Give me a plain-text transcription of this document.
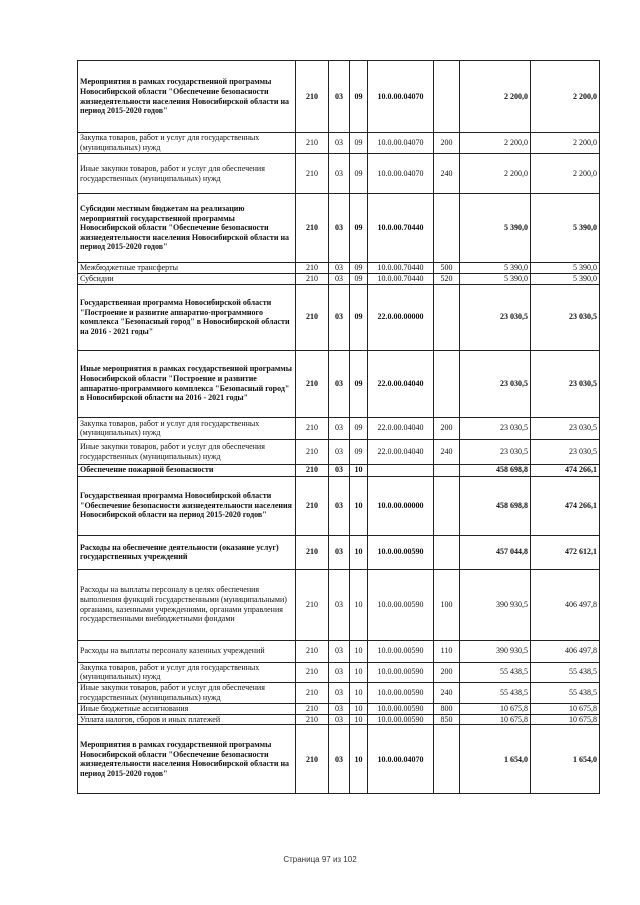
Мероприятия в рамках государственной программы Новосибирской области "Обеспечение безопасности жизнедеятельности населения Новосибирской области на период 2015-2020 годов"	210	03	09	10.0.00.04070		2 200,0	2 200,0
Закупка товаров, работ и услуг для государственных (муниципальных) нужд	210	03	09	10.0.00.04070	200	2 200,0	2 200,0
Иные закупки товаров, работ и услуг для обеспечения государственных (муниципальных) нужд	210	03	09	10.0.00.04070	240	2 200,0	2 200,0
Субсидии местным бюджетам на реализацию мероприятий государственной программы Новосибирской области "Обеспечение безопасности жизнедеятельности населения Новосибирской области на период 2015-2020 годов"	210	03	09	10.0.00.70440		5 390,0	5 390,0
Межбюджетные трансферты	210	03	09	10.0.00.70440	500	5 390,0	5 390,0
Субсидии	210	03	09	10.0.00.70440	520	5 390,0	5 390,0
Государственная программа Новосибирской области "Построение и развитие аппаратно-программного комплекса "Безопасный город" в Новосибирской области на 2016 - 2021 годы"	210	03	09	22.0.00.00000		23 030,5	23 030,5
Иные мероприятия в рамках государственной программы Новосибирской области "Построение и развитие аппаратно-программного комплекса "Безопасный город" в Новосибирской области на 2016 - 2021 годы"	210	03	09	22.0.00.04040		23 030,5	23 030,5
Закупка товаров, работ и услуг для государственных (муниципальных) нужд	210	03	09	22.0.00.04040	200	23 030,5	23 030,5
Иные закупки товаров, работ и услуг для обеспечения государственных (муниципальных) нужд	210	03	09	22.0.00.04040	240	23 030,5	23 030,5
Обеспечение пожарной безопасности	210	03	10			458 698,8	474 266,1
Государственная программа Новосибирской области "Обеспечение безопасности жизнедеятельности населения Новосибирской области на период 2015-2020 годов"	210	03	10	10.0.00.00000		458 698,8	474 266,1
Расходы на обеспечение деятельности (оказание услуг) государственных учреждений	210	03	10	10.0.00.00590		457 044,8	472 612,1
Расходы на выплаты персоналу в целях обеспечения выполнения функций государственными (муниципальными) органами, казенными учреждениями, органами управления государственными внебюджетными фондами	210	03	10	10.0.00.00590	100	390 930,5	406 497,8
Расходы на выплаты персоналу казенных учреждений	210	03	10	10.0.00.00590	110	390 930,5	406 497,8
Закупка товаров, работ и услуг для государственных (муниципальных) нужд	210	03	10	10.0.00.00590	200	55 438,5	55 438,5
Иные закупки товаров, работ и услуг для обеспечения государственных (муниципальных) нужд	210	03	10	10.0.00.00590	240	55 438,5	55 438,5
Иные бюджетные ассигнования	210	03	10	10.0.00.00590	800	10 675,8	10 675,8
Уплата налогов, сборов и иных платежей	210	03	10	10.0.00.00590	850	10 675,8	10 675,8
Мероприятия в рамках государственной программы Новосибирской области "Обеспечение безопасности жизнедеятельности населения Новосибирской области на период 2015-2020 годов"	210	03	10	10.0.00.04070		1 654,0	1 654,0
Страница 97 из 102
